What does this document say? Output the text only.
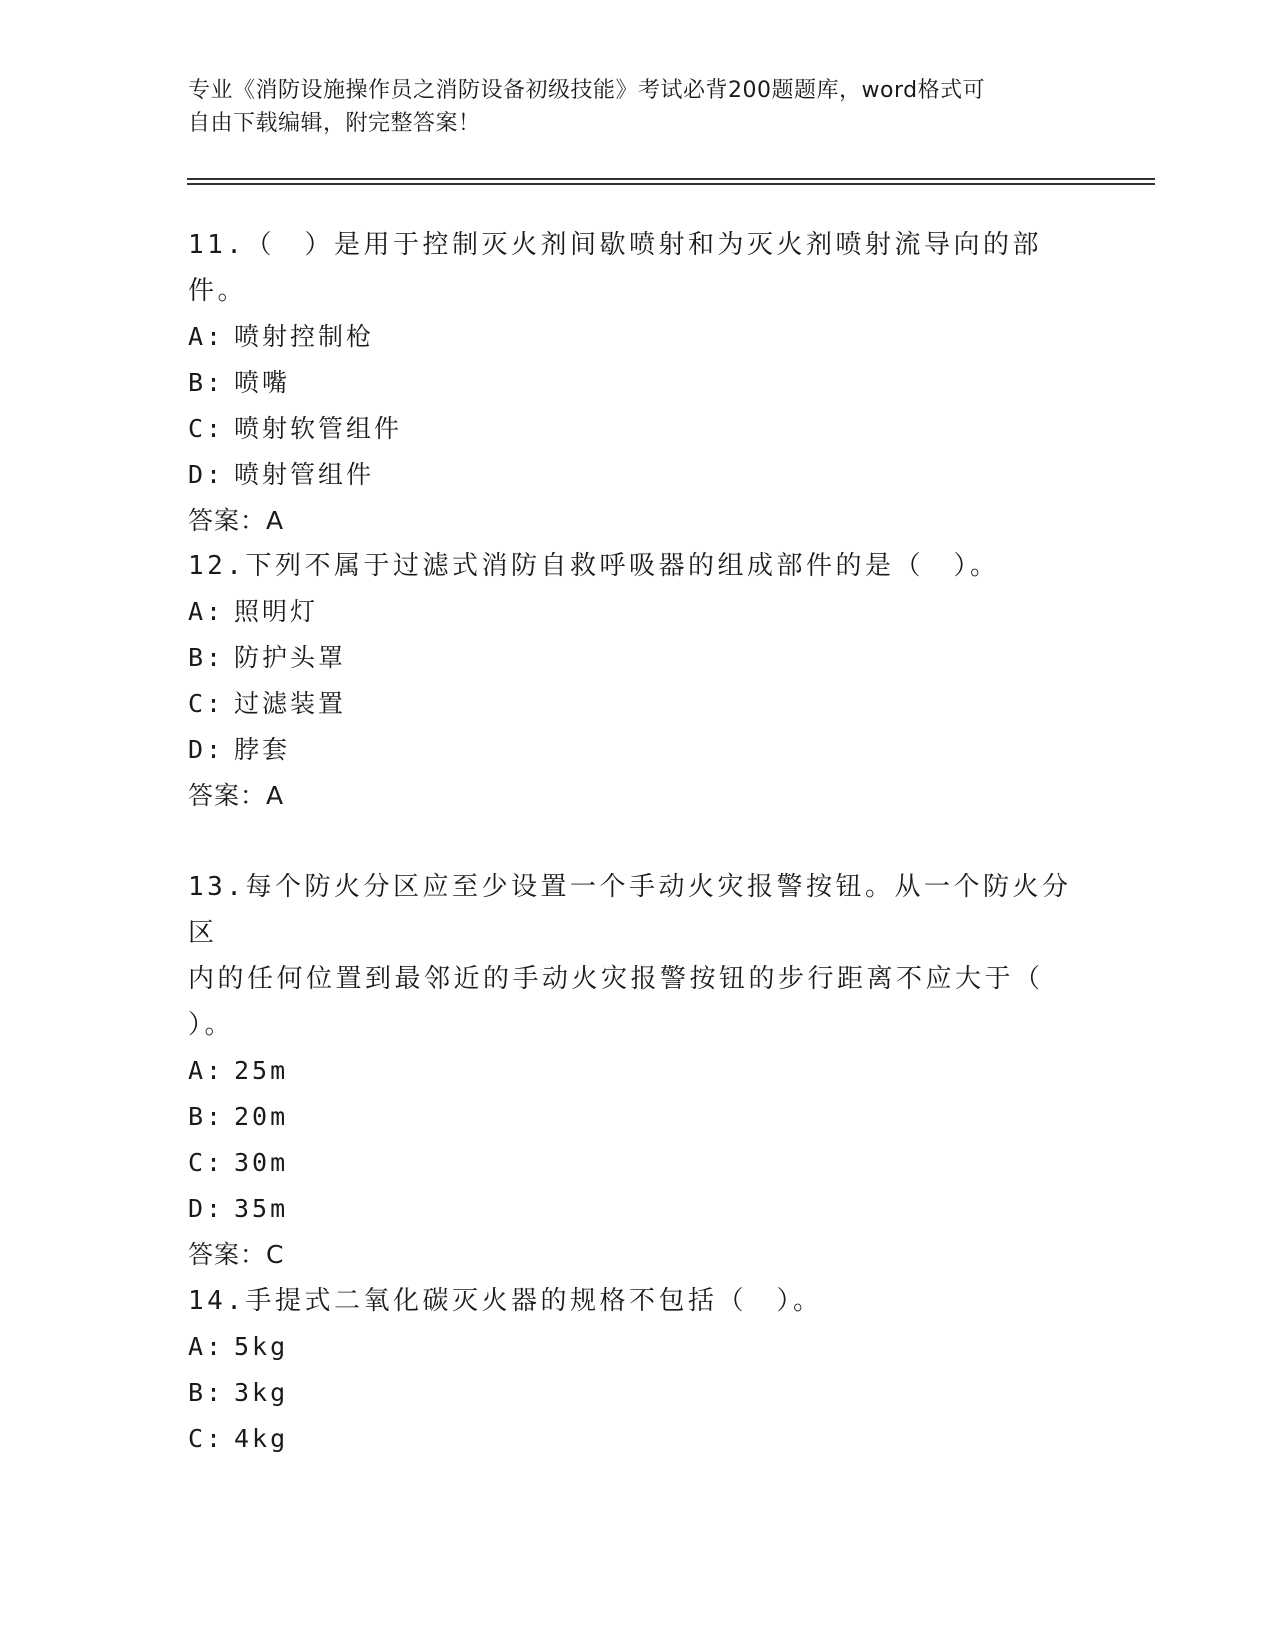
专业《消防设施操作员之消防设备初级技能》考试必背200题题库，word格式可
自由下载编辑，附完整答案！

11.（　）是用于控制灭火剂间歇喷射和为灭火剂喷射流导向的部件。

A: 喷射控制枪

B: 喷嘴

C: 喷射软管组件

D: 喷射管组件

答案：A

12.下列不属于过滤式消防自救呼吸器的组成部件的是（　）。

A: 照明灯

B: 防护头罩

C: 过滤装置

D: 脖套

答案：A

13.每个防火分区应至少设置一个手动火灾报警按钮。从一个防火分区

内的任何位置到最邻近的手动火灾报警按钮的步行距离不应大于（

）。

A: 25m

B: 20m

C: 30m

D: 35m

答案：C

14.手提式二氧化碳灭火器的规格不包括（　）。

A: 5kg

B: 3kg

C: 4kg
